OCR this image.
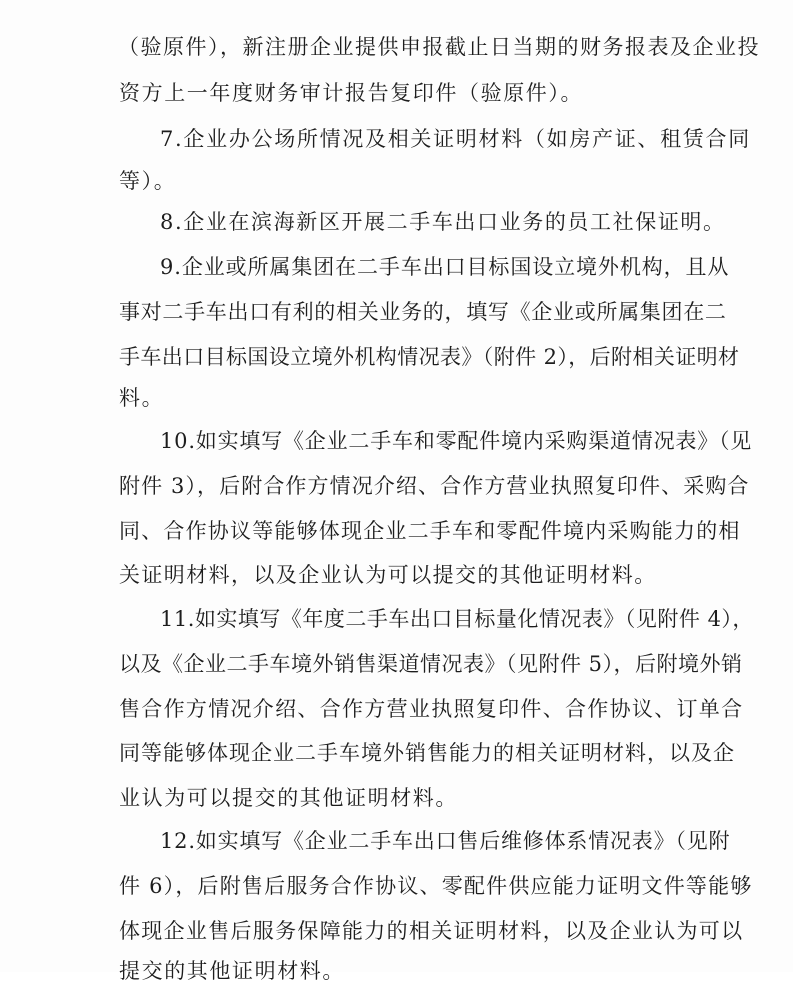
（验原件），新注册企业提供申报截止日当期的财务报表及企业投
资方上一年度财务审计报告复印件（验原件）。
7.企业办公场所情况及相关证明材料（如房产证、租赁合同
等）。
8.企业在滨海新区开展二手车出口业务的员工社保证明。
9.企业或所属集团在二手车出口目标国设立境外机构，且从
事对二手车出口有利的相关业务的，填写《企业或所属集团在二
手车出口目标国设立境外机构情况表》（附件 2），后附相关证明材
料。
10.如实填写《企业二手车和零配件境内采购渠道情况表》（见
附件 3），后附合作方情况介绍、合作方营业执照复印件、采购合
同、合作协议等能够体现企业二手车和零配件境内采购能力的相
关证明材料，以及企业认为可以提交的其他证明材料。
11.如实填写《年度二手车出口目标量化情况表》（见附件 4），
以及《企业二手车境外销售渠道情况表》（见附件 5），后附境外销
售合作方情况介绍、合作方营业执照复印件、合作协议、订单合
同等能够体现企业二手车境外销售能力的相关证明材料，以及企
业认为可以提交的其他证明材料。
12.如实填写《企业二手车出口售后维修体系情况表》（见附
件 6），后附售后服务合作协议、零配件供应能力证明文件等能够
体现企业售后服务保障能力的相关证明材料，以及企业认为可以
提交的其他证明材料。
